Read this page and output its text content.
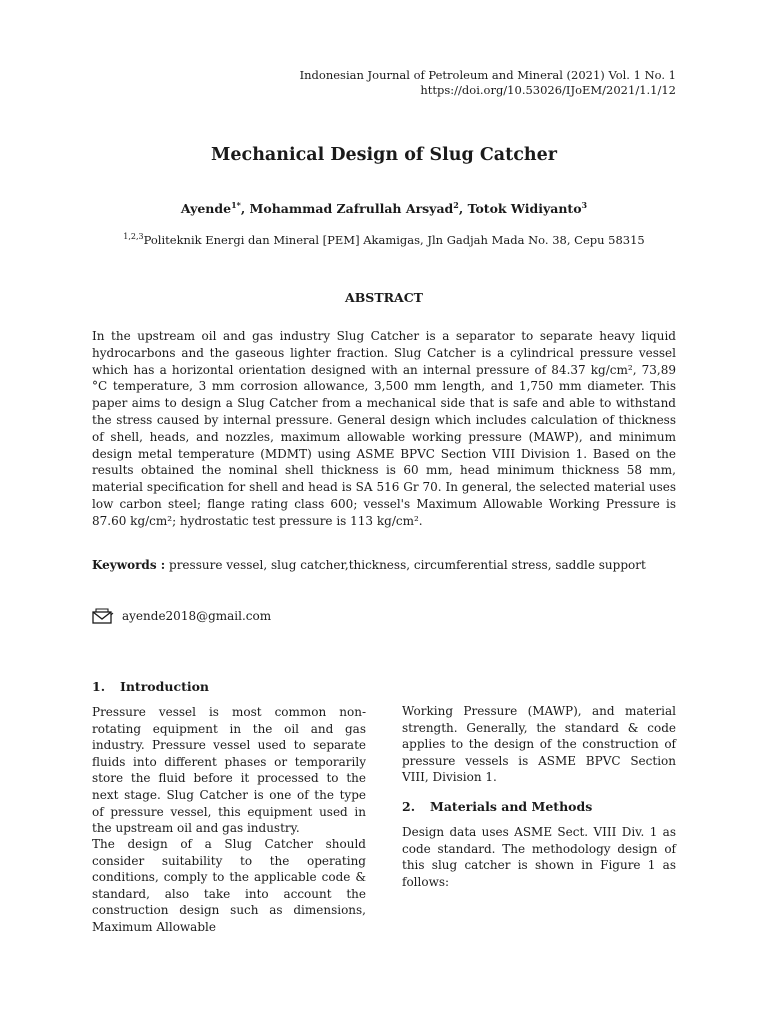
Indonesian Journal of Petroleum and Mineral (2021) Vol. 1 No. 1
https://doi.org/10.53026/IJoEM/2021/1.1/12
Mechanical Design of Slug Catcher
Ayende$^{1*}$, Mohammad Zafrullah Arsyad$^2$, Totok Widiyanto$^3$
$^{1,2,3}$Politeknik Energi dan Mineral [PEM] Akamigas, Jln Gadjah Mada No. 38, Cepu 58315
ABSTRACT

In the upstream oil and gas industry Slug Catcher is a separator to separate heavy liquid hydrocarbons and the gaseous lighter fraction. Slug Catcher is a cylindrical pressure vessel which has a horizontal orientation designed with an internal pressure of 84.37 kg/cm², 73,89 °C temperature, 3 mm corrosion allowance, 3,500 mm length, and 1,750 mm diameter. This paper aims to design a Slug Catcher from a mechanical side that is safe and able to withstand the stress caused by internal pressure. General design which includes calculation of thickness of shell, heads, and nozzles, maximum allowable working pressure (MAWP), and minimum design metal temperature (MDMT) using ASME BPVC Section VIII Division 1. Based on the results obtained the nominal shell thickness is 60 mm, head minimum thickness 58 mm, material specification for shell and head is SA 516 Gr 70. In general, the selected material uses low carbon steel; flange rating class 600; vessel's Maximum Allowable Working Pressure is 87.60 kg/cm²; hydrostatic test pressure is 113 kg/cm².

Keywords : pressure vessel, slug catcher,thickness, circumferential stress, saddle support
ayende2018@gmail.com
1.	Introduction

Pressure vessel is most common non-rotating equipment in the oil and gas industry. Pressure vessel used to separate fluids into different phases or temporarily store the fluid before it processed to the next stage. Slug Catcher is one of the type of pressure vessel, this equipment used in the upstream oil and gas industry.

The design of a Slug Catcher should consider suitability to the operating conditions, comply to the applicable code & standard, also take into account the construction design such as dimensions, Maximum Allowable

Working Pressure (MAWP), and material strength. Generally, the standard & code applies to the design of the construction of pressure vessels is ASME BPVC Section VIII, Division 1.

2.	Materials and Methods

Design data uses ASME Sect. VIII Div. 1 as code standard. The methodology design of this slug catcher is shown in Figure 1 as follows:
